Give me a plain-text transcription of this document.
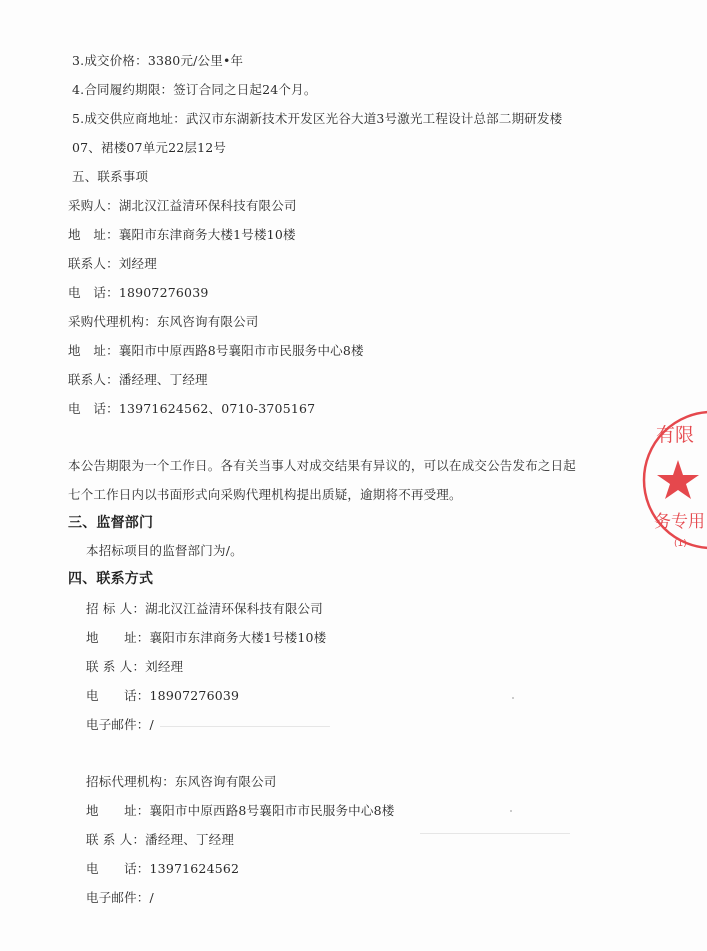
3.成交价格：3380元/公里•年
4.合同履约期限：签订合同之日起24个月。
5.成交供应商地址：武汉市东湖新技术开发区光谷大道3号激光工程设计总部二期研发楼
07、裙楼07单元22层12号
五、联系事项
采购人：湖北汉江益清环保科技有限公司
地　址：襄阳市东津商务大楼1号楼10楼
联系人：刘经理
电　话：18907276039
采购代理机构：东风咨询有限公司
地　址：襄阳市中原西路8号襄阳市市民服务中心8楼
联系人：潘经理、丁经理
电　话：13971624562、0710-3705167
本公告期限为一个工作日。各有关当事人对成交结果有异议的，可以在成交公告发布之日起
七个工作日内以书面形式向采购代理机构提出质疑，逾期将不再受理。
三、监督部门
本招标项目的监督部门为/。
四、联系方式
招 标 人：湖北汉江益清环保科技有限公司
地　　址：襄阳市东津商务大楼1号楼10楼
联 系 人：刘经理
电　　话：18907276039
电子邮件：/
招标代理机构：东风咨询有限公司
地　　址：襄阳市中原西路8号襄阳市市民服务中心8楼
联 系 人：潘经理、丁经理
电　　话：13971624562
电子邮件：/
有限
务专用
(1)
